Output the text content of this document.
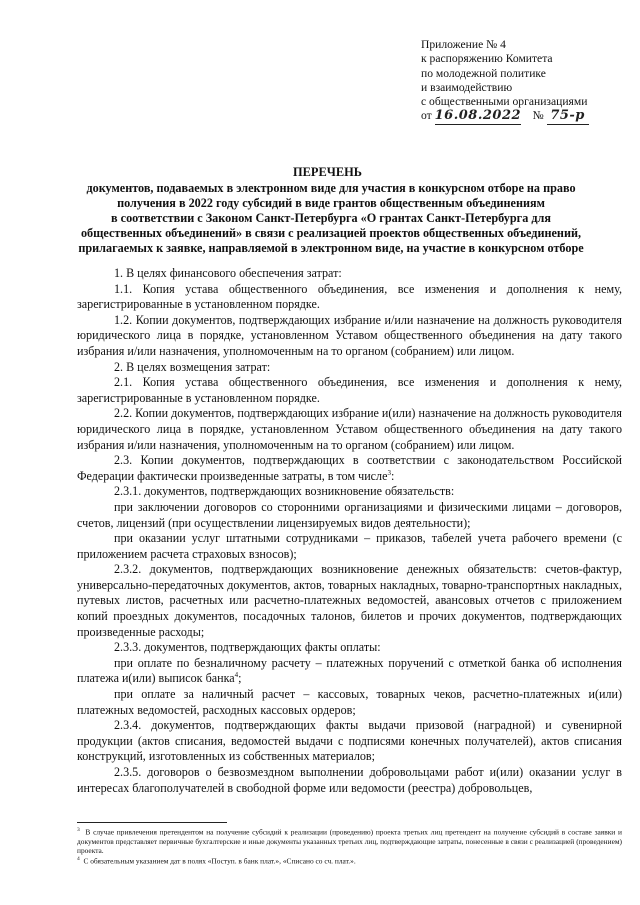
Приложение № 4
к распоряжению Комитета
по молодежной политике
и взаимодействию
с общественными организациями
от 16.08.2022 № 75-р
ПЕРЕЧЕНЬ
документов, подаваемых в электронном виде для участия в конкурсном отборе на право
получения в 2022 году субсидий в виде грантов общественным объединениям
в соответствии с Законом Санкт-Петербурга «О грантах Санкт-Петербурга для
общественных объединений» в связи с реализацией проектов общественных объединений,
прилагаемых к заявке, направляемой в электронном виде, на участие в конкурсном отборе
1. В целях финансового обеспечения затрат:
1.1. Копия устава общественного объединения, все изменения и дополнения к нему, зарегистрированные в установленном порядке.
1.2. Копии документов, подтверждающих избрание и/или назначение на должность руководителя юридического лица в порядке, установленном Уставом общественного объединения на дату такого избрания и/или назначения, уполномоченным на то органом (собранием) или лицом.
2. В целях возмещения затрат:
2.1. Копия устава общественного объединения, все изменения и дополнения к нему, зарегистрированные в установленном порядке.
2.2. Копии документов, подтверждающих избрание и(или) назначение на должность руководителя юридического лица в порядке, установленном Уставом общественного объединения на дату такого избрания и/или назначения, уполномоченным на то органом (собранием) или лицом.
2.3. Копии документов, подтверждающих в соответствии с законодательством Российской Федерации фактически произведенные затраты, в том числе$^3$:
2.3.1. документов, подтверждающих возникновение обязательств:
при заключении договоров со сторонними организациями и физическими лицами – договоров, счетов, лицензий (при осуществлении лицензируемых видов деятельности);
при оказании услуг штатными сотрудниками – приказов, табелей учета рабочего времени (с приложением расчета страховых взносов);
2.3.2. документов, подтверждающих возникновение денежных обязательств: счетов-фактур, универсально-передаточных документов, актов, товарных накладных, товарно-транспортных накладных, путевых листов, расчетных или расчетно-платежных ведомостей, авансовых отчетов с приложением копий проездных документов, посадочных талонов, билетов и прочих документов, подтверждающих произведенные расходы;
2.3.3. документов, подтверждающих факты оплаты:
при оплате по безналичному расчету – платежных поручений с отметкой банка об исполнения платежа и(или) выписок банка$^4$;
при оплате за наличный расчет – кассовых, товарных чеков, расчетно-платежных и(или) платежных ведомостей, расходных кассовых ордеров;
2.3.4. документов, подтверждающих факты выдачи призовой (наградной) и сувенирной продукции (актов списания, ведомостей выдачи с подписями конечных получателей), актов списания конструкций, изготовленных из собственных материалов;
2.3.5. договоров о безвозмездном выполнении добровольцами работ и(или) оказании услуг в интересах благополучателей в свободной форме или ведомости (реестра) добровольцев,
$^3$ В случае привлечения претендентом на получение субсидий к реализации (проведению) проекта третьих лиц претендент на получение субсидий в составе заявки и документов представляет первичные бухгалтерские и иные документы указанных третьих лиц, подтверждающие затраты, понесенные в связи с реализацией (проведением) проекта.
$^4$ С обязательным указанием дат в полях «Поступ. в банк плат.», «Списано со сч. плат.».
